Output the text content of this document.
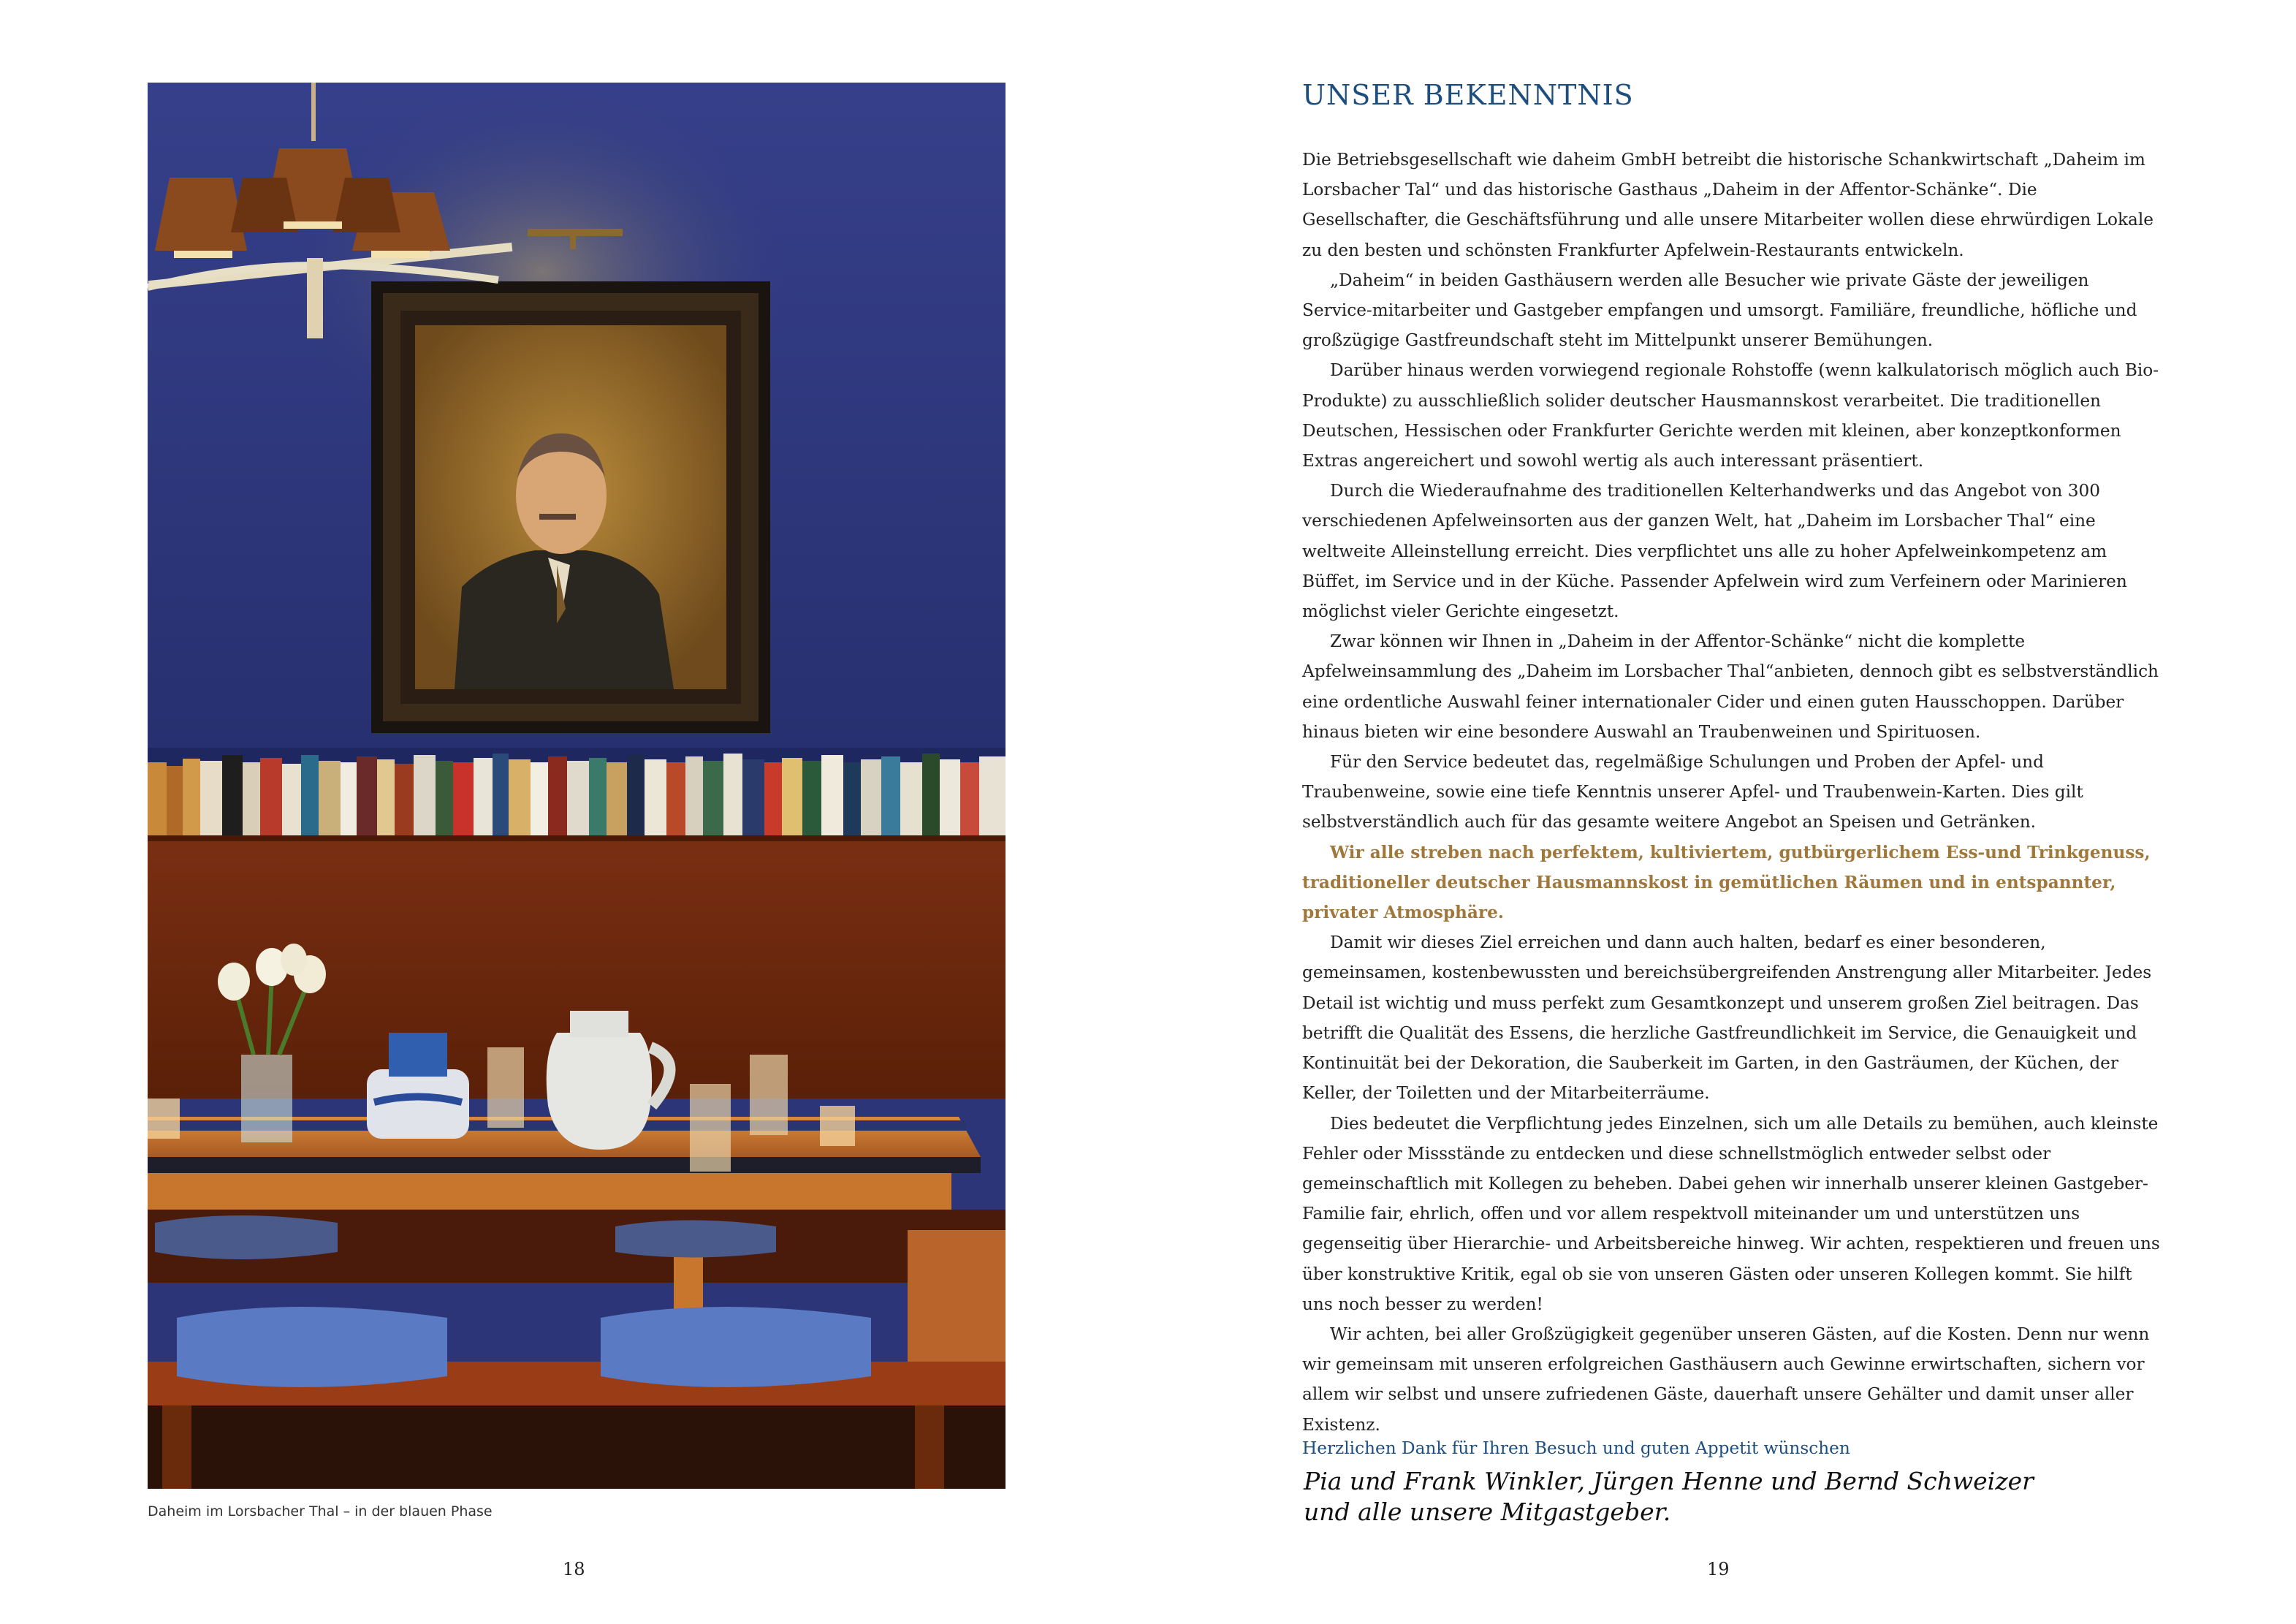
Daheim im Lorsbacher Thal – in der blauen Phase
18
UNSER BEKENNTNIS

Die Betriebsgesellschaft wie daheim GmbH betreibt die historische Schankwirtschaft „Daheim im Lorsbacher Tal“ und das historische Gasthaus „Daheim in der Affentor-Schänke“. Die Gesellschafter, die Geschäftsführung und alle unsere Mitarbeiter wollen diese ehrwürdigen Lokale zu den besten und schönsten Frankfurter Apfelwein-Restaurants entwickeln.

„Daheim“ in beiden Gasthäusern werden alle Besucher wie private Gäste der jeweiligen Service-mitarbeiter und Gastgeber empfangen und umsorgt. Familiäre, freundliche, höfliche und großzügige Gastfreundschaft steht im Mittelpunkt unserer Bemühungen.

Darüber hinaus werden vorwiegend regionale Rohstoffe (wenn kalkulatorisch möglich auch Bio-Produkte) zu ausschließlich solider deutscher Hausmannskost verarbeitet. Die traditionellen Deutschen, Hessischen oder Frankfurter Gerichte werden mit kleinen, aber konzeptkonformen Extras angereichert und sowohl wertig als auch interessant präsentiert.

Durch die Wiederaufnahme des traditionellen Kelterhandwerks und das Angebot von 300 verschiedenen Apfelweinsorten aus der ganzen Welt, hat „Daheim im Lorsbacher Thal“ eine weltweite Alleinstellung erreicht. Dies verpflichtet uns alle zu hoher Apfelweinkompetenz am Büffet, im Service und in der Küche. Passender Apfelwein wird zum Verfeinern oder Marinieren möglichst vieler Gerichte eingesetzt.

Zwar können wir Ihnen in „Daheim in der Affentor-Schänke“ nicht die komplette Apfelweinsammlung des „Daheim im Lorsbacher Thal“anbieten, dennoch gibt es selbstverständlich eine ordentliche Auswahl feiner internationaler Cider und einen guten Hausschoppen. Darüber hinaus bieten wir eine besondere Auswahl an Traubenweinen und Spirituosen.

Für den Service bedeutet das, regelmäßige Schulungen und Proben der Apfel- und Traubenweine, sowie eine tiefe Kenntnis unserer Apfel- und Traubenwein-Karten. Dies gilt selbstverständlich auch für das gesamte weitere Angebot an Speisen und Getränken.

Wir alle streben nach perfektem, kultiviertem, gutbürgerlichem Ess-und Trinkgenuss, traditioneller deutscher Hausmannskost in gemütlichen Räumen und in entspannter, privater Atmosphäre.

Damit wir dieses Ziel erreichen und dann auch halten, bedarf es einer besonderen, gemeinsamen, kostenbewussten und bereichsübergreifenden Anstrengung aller Mitarbeiter. Jedes Detail ist wichtig und muss perfekt zum Gesamtkonzept und unserem großen Ziel beitragen. Das betrifft die Qualität des Essens, die herzliche Gastfreundlichkeit im Service, die Genauigkeit und Kontinuität bei der Dekoration, die Sauberkeit im Garten, in den Gasträumen, der Küchen, der Keller, der Toiletten und der Mitarbeiterräume.

Dies bedeutet die Verpflichtung jedes Einzelnen, sich um alle Details zu bemühen, auch kleinste Fehler oder Missstände zu entdecken und diese schnellstmöglich entweder selbst oder gemeinschaftlich mit Kollegen zu beheben. Dabei gehen wir innerhalb unserer kleinen Gastgeber-Familie fair, ehrlich, offen und vor allem respektvoll miteinander um und unterstützen uns gegenseitig über Hierarchie- und Arbeitsbereiche hinweg. Wir achten, respektieren und freuen uns über konstruktive Kritik, egal ob sie von unseren Gästen oder unseren Kollegen kommt. Sie hilft uns noch besser zu werden!

Wir achten, bei aller Großzügigkeit gegenüber unseren Gästen, auf die Kosten. Denn nur wenn wir gemeinsam mit unseren erfolgreichen Gasthäusern auch Gewinne erwirtschaften, sichern vor allem wir selbst und unsere zufriedenen Gäste, dauerhaft unsere Gehälter und damit unser aller Existenz.

Herzlichen Dank für Ihren Besuch und guten Appetit wünschen
Pia und Frank Winkler, Jürgen Henne und Bernd Schweizer
und alle unsere Mitgastgeber.
19
